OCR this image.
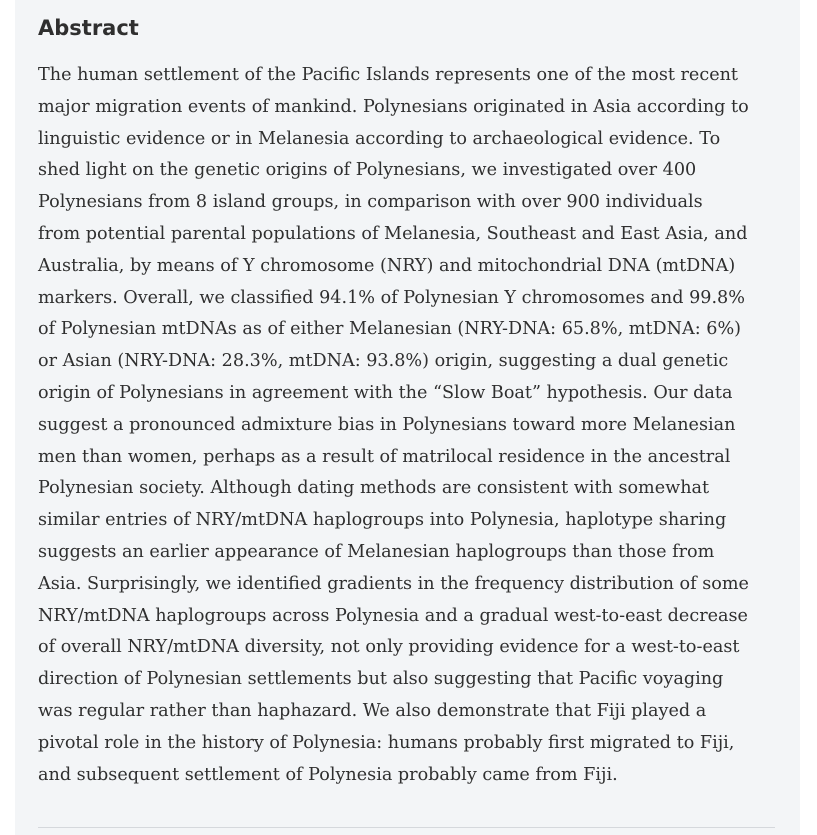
Abstract

The human settlement of the Pacific Islands represents one of the most recent
major migration events of mankind. Polynesians originated in Asia according to
linguistic evidence or in Melanesia according to archaeological evidence. To
shed light on the genetic origins of Polynesians, we investigated over 400
Polynesians from 8 island groups, in comparison with over 900 individuals
from potential parental populations of Melanesia, Southeast and East Asia, and
Australia, by means of Y chromosome (NRY) and mitochondrial DNA (mtDNA)
markers. Overall, we classified 94.1% of Polynesian Y chromosomes and 99.8%
of Polynesian mtDNAs as of either Melanesian (NRY-DNA: 65.8%, mtDNA: 6%)
or Asian (NRY-DNA: 28.3%, mtDNA: 93.8%) origin, suggesting a dual genetic
origin of Polynesians in agreement with the “Slow Boat” hypothesis. Our data
suggest a pronounced admixture bias in Polynesians toward more Melanesian
men than women, perhaps as a result of matrilocal residence in the ancestral
Polynesian society. Although dating methods are consistent with somewhat
similar entries of NRY/mtDNA haplogroups into Polynesia, haplotype sharing
suggests an earlier appearance of Melanesian haplogroups than those from
Asia. Surprisingly, we identified gradients in the frequency distribution of some
NRY/mtDNA haplogroups across Polynesia and a gradual west-to-east decrease
of overall NRY/mtDNA diversity, not only providing evidence for a west-to-east
direction of Polynesian settlements but also suggesting that Pacific voyaging
was regular rather than haphazard. We also demonstrate that Fiji played a
pivotal role in the history of Polynesia: humans probably first migrated to Fiji,
and subsequent settlement of Polynesia probably came from Fiji.
